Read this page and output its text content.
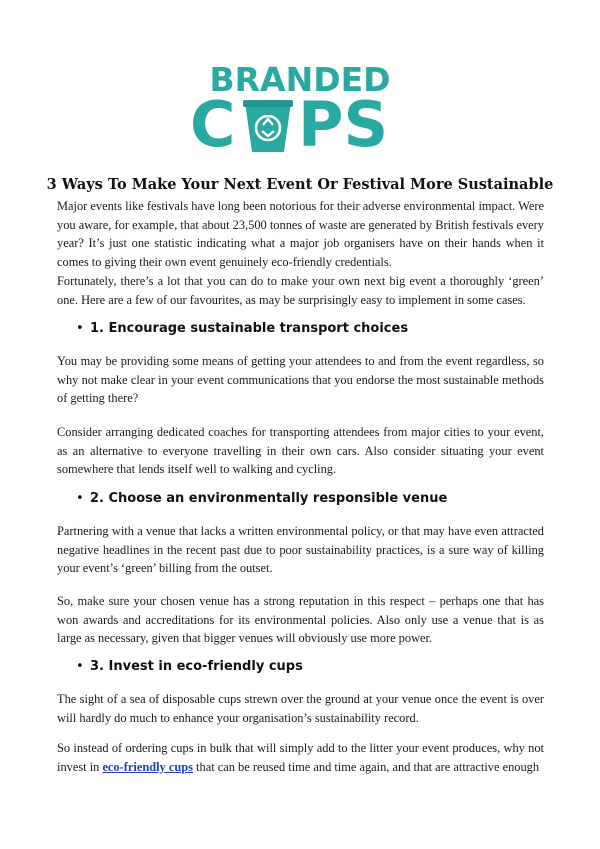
BRANDED
C PS
3 Ways To Make Your Next Event Or Festival More Sustainable

Major events like festivals have long been notorious for their adverse environmental impact. Were you aware, for example, that about 23,500 tonnes of waste are generated by British festivals every year? It’s just one statistic indicating what a major job organisers have on their hands when it comes to giving their own event genuinely eco-friendly credentials.

Fortunately, there’s a lot that you can do to make your own next big event a thoroughly ‘green’ one. Here are a few of our favourites, as may be surprisingly easy to implement in some cases.

• 1. Encourage sustainable transport choices

You may be providing some means of getting your attendees to and from the event regardless, so why not make clear in your event communications that you endorse the most sustainable methods of getting there?

Consider arranging dedicated coaches for transporting attendees from major cities to your event, as an alternative to everyone travelling in their own cars. Also consider situating your event somewhere that lends itself well to walking and cycling.

• 2. Choose an environmentally responsible venue

Partnering with a venue that lacks a written environmental policy, or that may have even attracted negative headlines in the recent past due to poor sustainability practices, is a sure way of killing your event’s ‘green’ billing from the outset.

So, make sure your chosen venue has a strong reputation in this respect – perhaps one that has won awards and accreditations for its environmental policies. Also only use a venue that is as large as necessary, given that bigger venues will obviously use more power.

• 3. Invest in eco-friendly cups

The sight of a sea of disposable cups strewn over the ground at your venue once the event is over will hardly do much to enhance your organisation’s sustainability record.

So instead of ordering cups in bulk that will simply add to the litter your event produces, why not invest in eco-friendly cups that can be reused time and time again, and that are attractive enough
